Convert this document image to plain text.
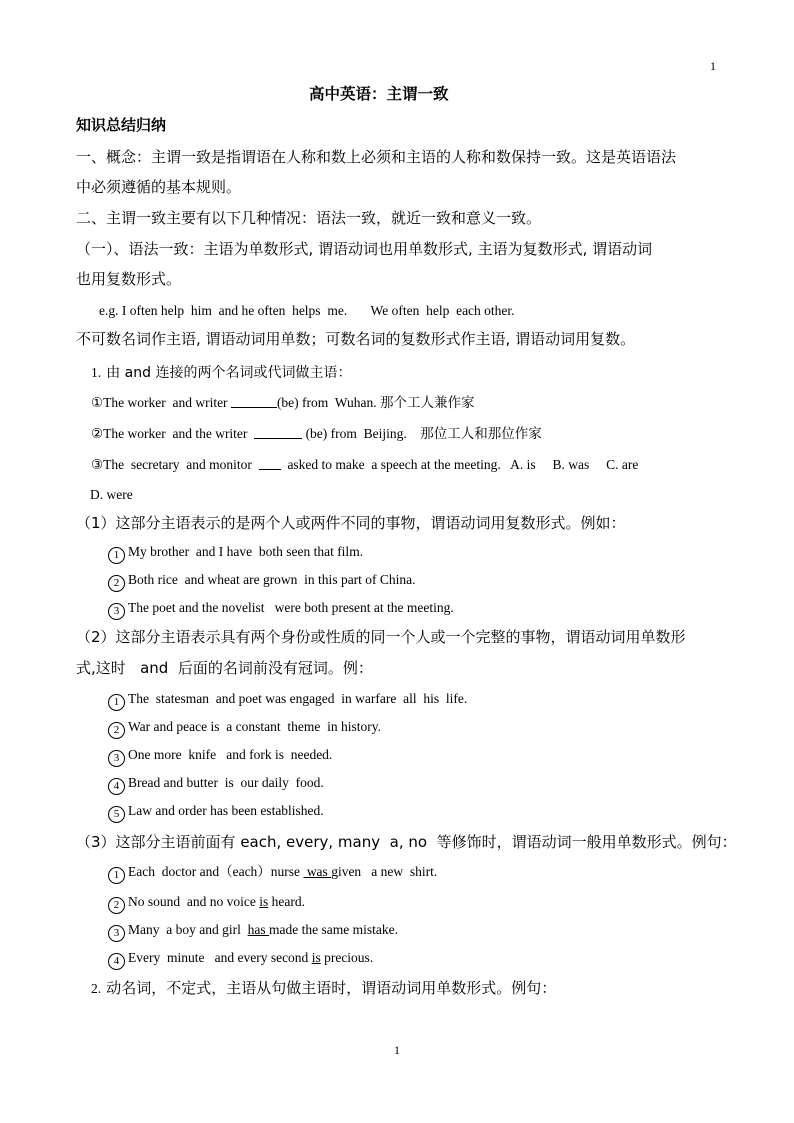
1
高中英语：主谓一致
知识总结归纳
一、概念：主谓一致是指谓语在人称和数上必须和主语的人称和数保持一致。这是英语语法
中必须遵循的基本规则。
二、主谓一致主要有以下几种情况：语法一致，就近一致和意义一致。
（一）、语法一致：主语为单数形式, 谓语动词也用单数形式, 主语为复数形式, 谓语动词
也用复数形式。
e.g. I often help  him  and he often  helps  me.       We often  help  each other.
不可数名词作主语, 谓语动词用单数；可数名词的复数形式作主语, 谓语动词用复数。
1. 由 and 连接的两个名词或代词做主语：
①The worker  and writer	(be) from  Wuhan. 那个工人兼作家
②The worker  and the writer	(be) from  Beijing.    那位工人和那位作家
③The  secretary  and monitor    asked to make  a speech at the meeting.   A. is     B. was     C. are
D. were
（1）这部分主语表示的是两个人或两件不同的事物，谓语动词用复数形式。例如：
1 My brother  and I have  both seen that film.
2 Both rice  and wheat are grown  in this part of China.
3 The poet and the novelist   were both present at the meeting.
（2）这部分主语表示具有两个身份或性质的同一个人或一个完整的事物，谓语动词用单数形
式,这时   and  后面的名词前没有冠词。例：
1 The  statesman  and poet was engaged  in warfare  all  his  life.
2 War and peace is  a constant  theme  in history.
3 One more  knife   and fork is  needed.
4 Bread and butter  is  our daily  food.
5 Law and order has been established.
（3）这部分主语前面有 each, every, many  a, no  等修饰时，谓语动词一般用单数形式。例句：
1 Each  doctor and（each）nurse  was given   a new  shirt.
2 No sound  and no voice is heard.
3 Many  a boy and girl  has made the same mistake.
4 Every  minute   and every second is precious.
2. 动名词，不定式，主语从句做主语时，谓语动词用单数形式。例句：
1
